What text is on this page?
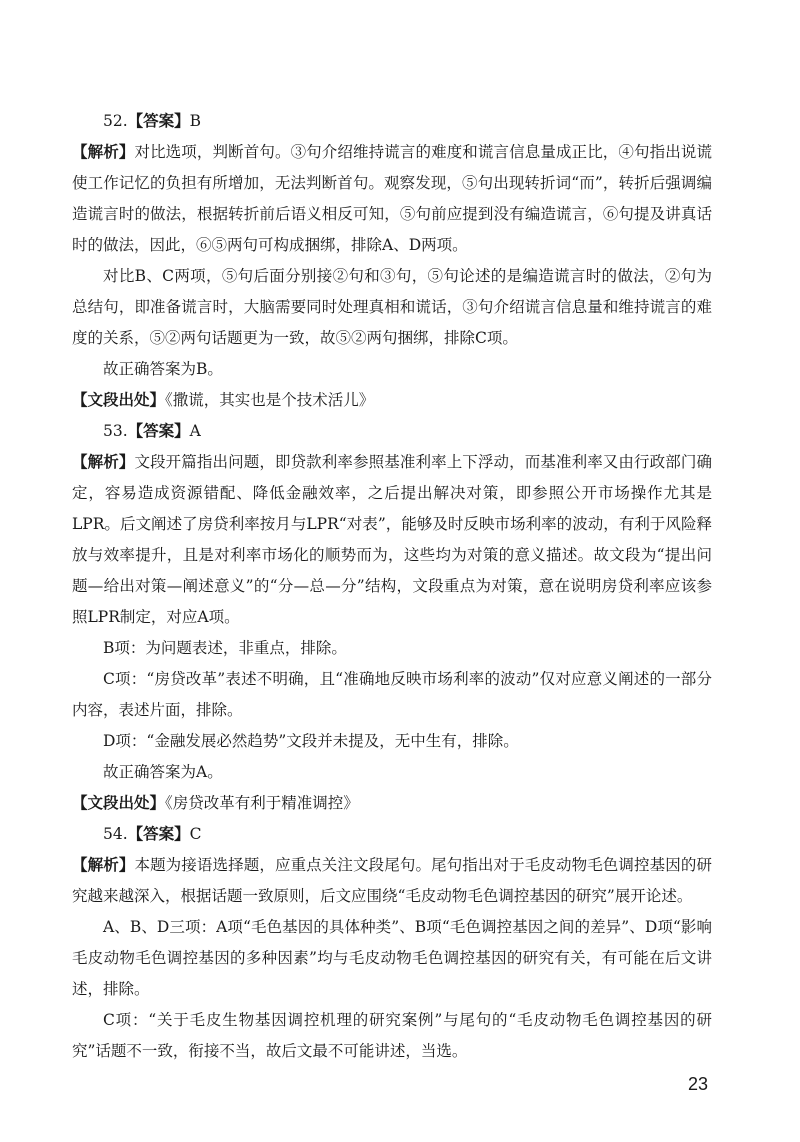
52.【答案】B

【解析】对比选项，判断首句。③句介绍维持谎言的难度和谎言信息量成正比，④句指出说谎使工作记忆的负担有所增加，无法判断首句。观察发现，⑤句出现转折词“而”，转折后强调编造谎言时的做法，根据转折前后语义相反可知，⑤句前应提到没有编造谎言，⑥句提及讲真话时的做法，因此，⑥⑤两句可构成捆绑，排除A、D两项。

对比B、C两项，⑤句后面分别接②句和③句，⑤句论述的是编造谎言时的做法，②句为总结句，即准备谎言时，大脑需要同时处理真相和谎话，③句介绍谎言信息量和维持谎言的难度的关系，⑤②两句话题更为一致，故⑤②两句捆绑，排除C项。

故正确答案为B。

【文段出处】《撒谎，其实也是个技术活儿》

53.【答案】A

【解析】文段开篇指出问题，即贷款利率参照基准利率上下浮动，而基准利率又由行政部门确定，容易造成资源错配、降低金融效率，之后提出解决对策，即参照公开市场操作尤其是LPR。后文阐述了房贷利率按月与LPR“对表”，能够及时反映市场利率的波动，有利于风险释放与效率提升，且是对利率市场化的顺势而为，这些均为对策的意义描述。故文段为“提出问题—给出对策—阐述意义”的“分—总—分”结构，文段重点为对策，意在说明房贷利率应该参照LPR制定，对应A项。

B项：为问题表述，非重点，排除。

C项：“房贷改革”表述不明确，且“准确地反映市场利率的波动”仅对应意义阐述的一部分内容，表述片面，排除。

D项：“金融发展必然趋势”文段并未提及，无中生有，排除。

故正确答案为A。

【文段出处】《房贷改革有利于精准调控》

54.【答案】C

【解析】本题为接语选择题，应重点关注文段尾句。尾句指出对于毛皮动物毛色调控基因的研究越来越深入，根据话题一致原则，后文应围绕“毛皮动物毛色调控基因的研究”展开论述。

A、B、D三项：A项“毛色基因的具体种类”、B项“毛色调控基因之间的差异”、D项“影响毛皮动物毛色调控基因的多种因素”均与毛皮动物毛色调控基因的研究有关，有可能在后文讲述，排除。

C项：“关于毛皮生物基因调控机理的研究案例”与尾句的“毛皮动物毛色调控基因的研究”话题不一致，衔接不当，故后文最不可能讲述，当选。

23
